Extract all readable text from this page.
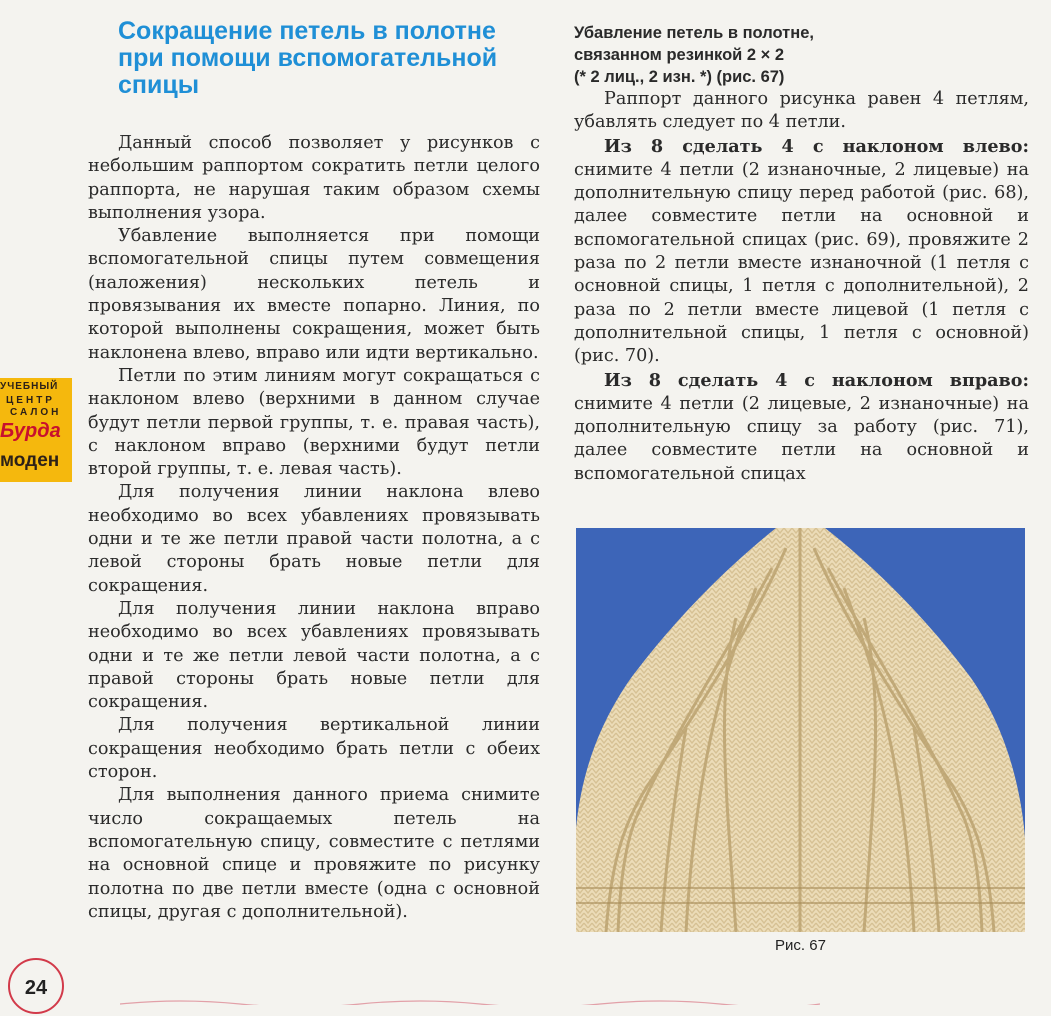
Сокращение петель в полотне при помощи вспомогательной спицы

Данный способ позволяет у рисунков с небольшим раппортом сократить петли целого раппорта, не нарушая таким образом схемы выполнения узора.

Убавление выполняется при помощи вспомогательной спицы путем совмещения (наложения) нескольких петель и провязывания их вместе попарно. Линия, по которой выполнены сокращения, может быть наклонена влево, вправо или идти вертикально.

Петли по этим линиям могут сокращаться с наклоном влево (верхними в данном случае будут петли первой группы, т. е. правая часть), с наклоном вправо (верхними будут петли второй группы, т. е. левая часть).

Для получения линии наклона влево необходимо во всех убавлениях провязывать одни и те же петли правой части полотна, а с левой стороны брать новые петли для сокращения.

Для получения линии наклона вправо необходимо во всех убавлениях провязывать одни и те же петли левой части полотна, а с правой стороны брать новые петли для сокращения.

Для получения вертикальной линии сокращения необходимо брать петли с обеих сторон.

Для выполнения данного приема снимите число сокращаемых петель на вспомогательную спицу, совместите с петлями на основной спице и провяжите по рисунку полотна по две петли вместе (одна с основной спицы, другая с дополнительной).

Убавление петель в полотне,
связанном резинкой 2 × 2
(* 2 лиц., 2 изн. *) (рис. 67)

Раппорт данного рисунка равен 4 петлям, убавлять следует по 4 петли.

Из 8 сделать 4 с наклоном влево: снимите 4 петли (2 изнаночные, 2 лицевые) на дополнительную спицу перед работой (рис. 68), далее совместите петли на основной и вспомогательной спицах (рис. 69), провяжите 2 раза по 2 петли вместе изнаночной (1 петля с основной спицы, 1 петля с дополнительной), 2 раза по 2 петли вместе лицевой (1 петля с дополнительной спицы, 1 петля с основной) (рис. 70).

Из 8 сделать 4 с наклоном вправо: снимите 4 петли (2 лицевые, 2 изнаночные) на дополнительную спицу за работу (рис. 71), далее совместите петли на основной и вспомогательной спицах

УЧЕБНЫЙ
ЦЕНТР
САЛОН
Бурда
моден
Рис. 67
24
